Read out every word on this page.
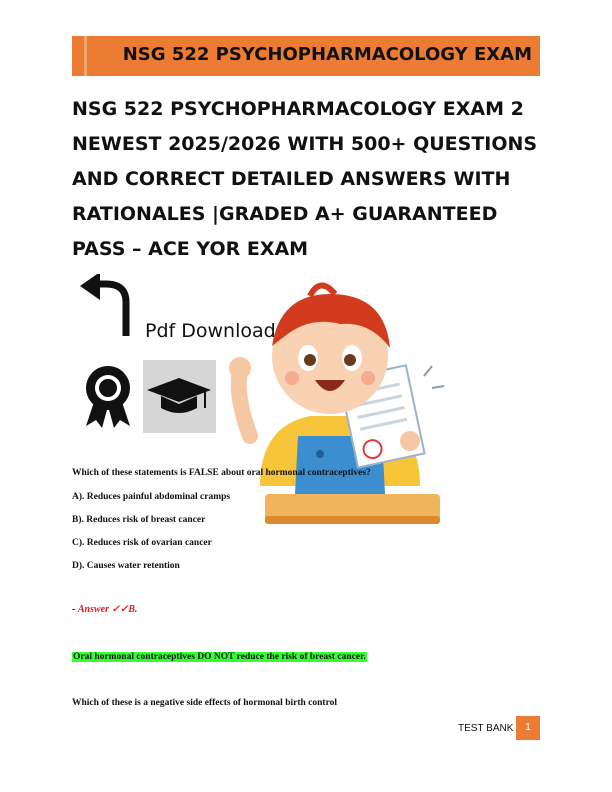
NSG 522 PSYCHOPHARMACOLOGY EXAM
NSG 522 PSYCHOPHARMACOLOGY EXAM 2 NEWEST 2025/2026 WITH 500+ QUESTIONS AND CORRECT DETAILED ANSWERS WITH RATIONALES |GRADED A+ GUARANTEED PASS – ACE YOR EXAM
Pdf Download
Which of these statements is FALSE about oral hormonal contraceptives?
A). Reduces painful abdominal cramps
B). Reduces risk of breast cancer
C). Reduces risk of ovarian cancer
D). Causes water retention
- Answer ✓✓B.
Oral hormonal contraceptives DO NOT reduce the risk of breast cancer.
Which of these is a negative side effects of hormonal birth control
TEST BANK	1
